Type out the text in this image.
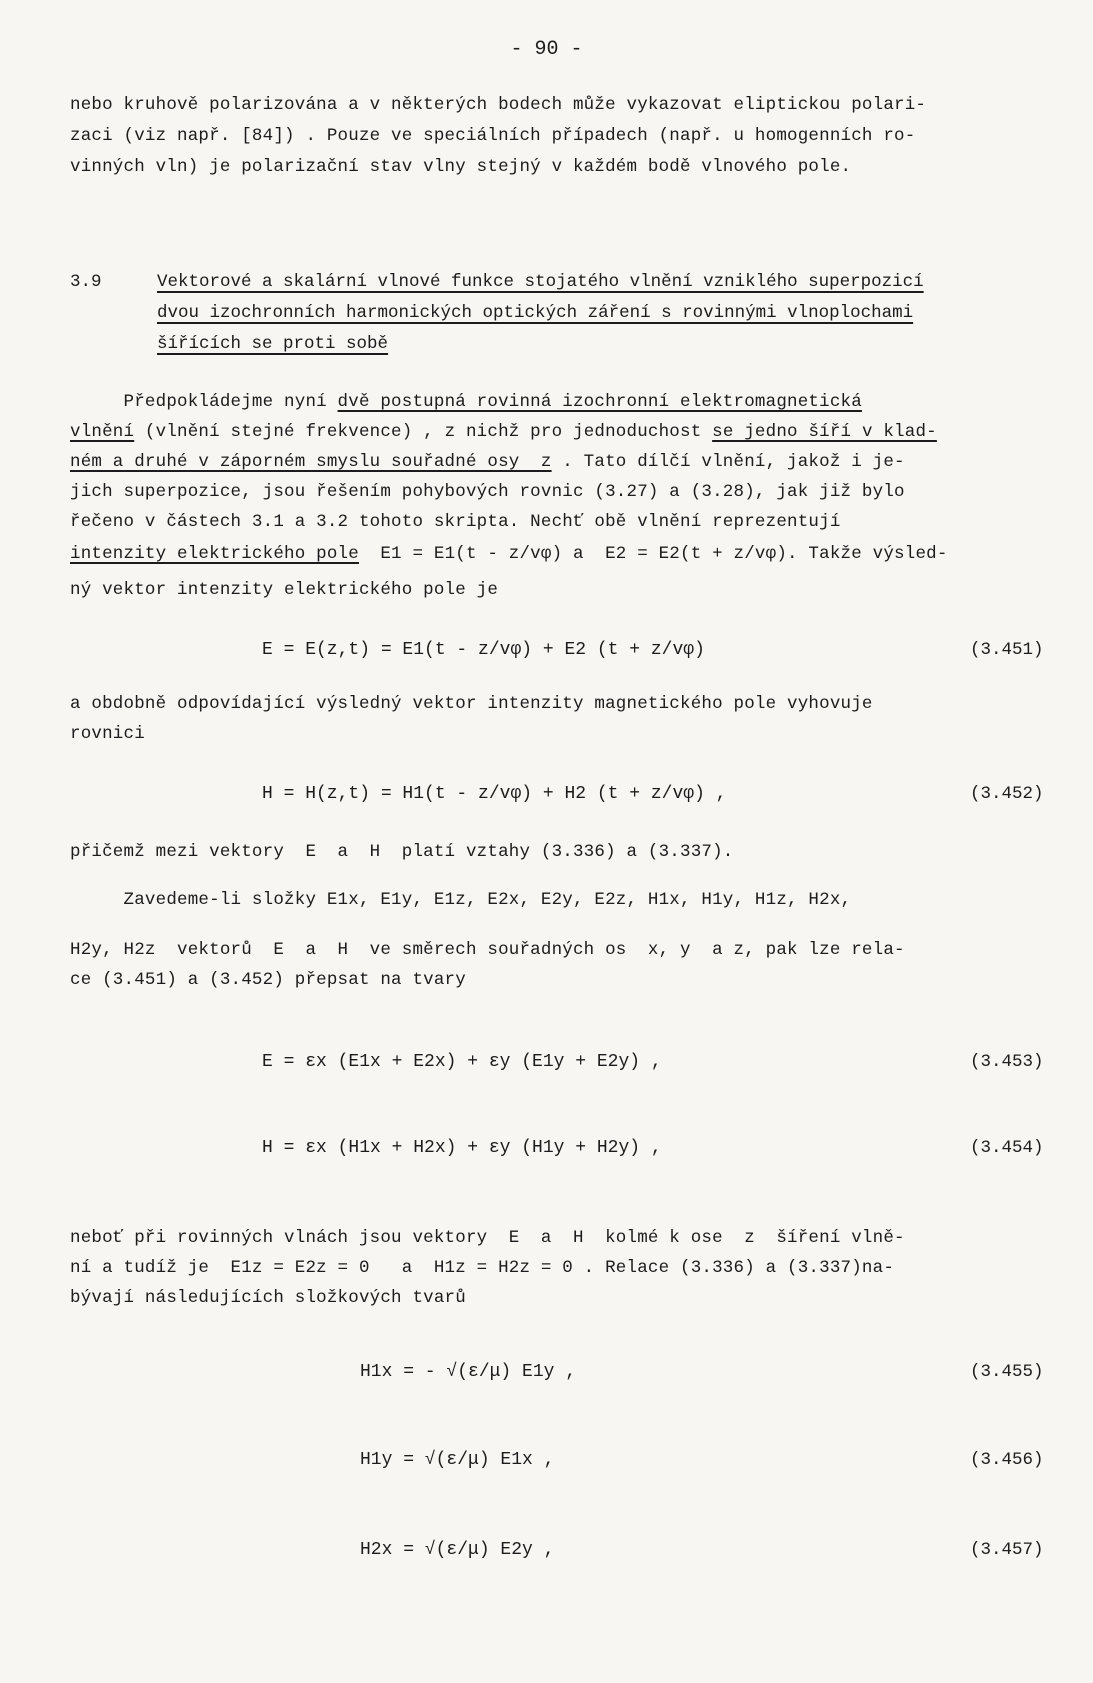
- 90 -
nebo kruhově polarizována a v některých bodech může vykazovat eliptickou polari-
zaci (viz např. [84]) . Pouze ve speciálních případech (např. u homogenních ro-
vinných vln) je polarizační stav vlny stejný v každém bodě vlnového pole.
3.9	Vektorové a skalární vlnové funkce stojatého vlnění vzniklého superpozicí
dvou izochronních harmonických optických záření s rovinnými vlnoplochami
šířících se proti sobě
Předpokládejme nyní dvě postupná rovinná izochronní elektromagnetická
vlnění (vlnění stejné frekvence) , z nichž pro jednoduchost se jedno šíří v klad-
ném a druhé v záporném smyslu souřadné osy  z . Tato dílčí vlnění, jakož i je-
jich superpozice, jsou řešením pohybových rovnic (3.27) a (3.28), jak již bylo
řečeno v částech 3.1 a 3.2 tohoto skripta. Nechť obě vlnění reprezentují
intenzity elektrického pole  E1 = E1(t - z/vφ) a  E2 = E2(t + z/vφ). Takže výsled-
ný vektor intenzity elektrického pole je
E = E(z,t) = E1(t - z/vφ) + E2 (t + z/vφ)	(3.451)
a obdobně odpovídající výsledný vektor intenzity magnetického pole vyhovuje
rovnici
H = H(z,t) = H1(t - z/vφ) + H2 (t + z/vφ) ,	(3.452)
přičemž mezi vektory  E  a  H  platí vztahy (3.336) a (3.337).
Zavedeme-li složky E1x, E1y, E1z, E2x, E2y, E2z, H1x, H1y, H1z, H2x,
H2y, H2z  vektorů  E  a  H  ve směrech souřadných os  x, y  a z, pak lze rela-
ce (3.451) a (3.452) přepsat na tvary
E = εx (E1x + E2x) + εy (E1y + E2y) ,	(3.453)
H = εx (H1x + H2x) + εy (H1y + H2y) ,	(3.454)
neboť při rovinných vlnách jsou vektory  E  a  H  kolmé k ose  z  šíření vlně-
ní a tudíž je  E1z = E2z = 0   a  H1z = H2z = 0 . Relace (3.336) a (3.337)na-
bývají následujících složkových tvarů
H1x = - √(ε/μ) E1y ,	(3.455)
H1y = √(ε/μ) E1x ,	(3.456)
H2x = √(ε/μ) E2y ,	(3.457)
